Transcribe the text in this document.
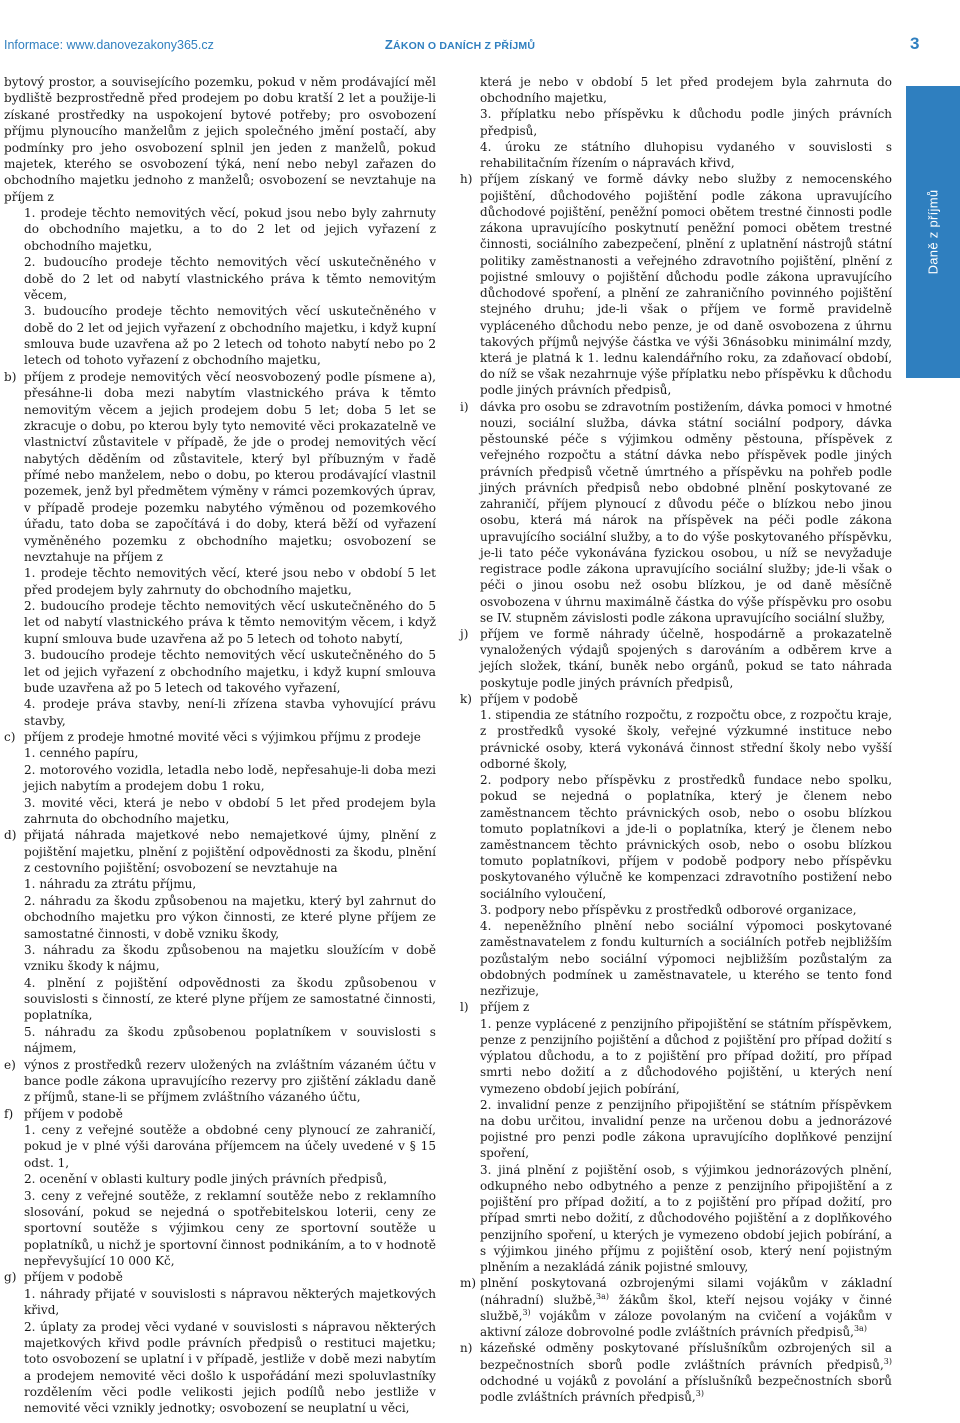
Informace: www.danovezakony365.cz	ZÁKON O DANÍCH Z PŘÍJMŮ	3
Daně z příjmů
bytový prostor, a souvisejícího pozemku, pokud v něm prodávající měl bydliště bezprostředně před prodejem po dobu kratší 2 let a použije-li získané prostředky na uspokojení bytové potřeby; pro osvobození příjmu plynoucího manželům z jejich společného jmění postačí, aby podmínky pro jeho osvobození splnil jen jeden z manželů, pokud majetek, kterého se osvobození týká, není nebo nebyl zařazen do obchodního majetku jednoho z manželů; osvobození se nevztahuje na příjem z
1. prodeje těchto nemovitých věcí, pokud jsou nebo byly zahrnuty do obchodního majetku, a to do 2 let od jejich vyřazení z obchodního majetku,
2. budoucího prodeje těchto nemovitých věcí uskutečněného v době do 2 let od nabytí vlastnického práva k těmto nemovitým věcem,
3. budoucího prodeje těchto nemovitých věcí uskutečněného v době do 2 let od jejich vyřazení z obchodního majetku, i když kupní smlouva bude uzavřena až po 2 letech od tohoto nabytí nebo po 2 letech od tohoto vyřazení z obchodního majetku,
b) příjem z prodeje nemovitých věcí neosvobozený podle písmene a), přesáhne-li doba mezi nabytím vlastnického práva k těmto nemovitým věcem a jejich prodejem dobu 5 let; doba 5 let se zkracuje o dobu, po kterou byly tyto nemovité věci prokazatelně ve vlastnictví zůstavitele v případě, že jde o prodej nemovitých věcí nabytých děděním od zůstavitele, který byl příbuzným v řadě přímé nebo manželem, nebo o dobu, po kterou prodávající vlastnil pozemek, jenž byl předmětem výměny v rámci pozemkových úprav, v případě prodeje pozemku nabytého výměnou od pozemkového úřadu, tato doba se započítává i do doby, která běží od vyřazení vyměněného pozemku z obchodního majetku; osvobození se nevztahuje na příjem z
1. prodeje těchto nemovitých věcí, které jsou nebo v období 5 let před prodejem byly zahrnuty do obchodního majetku,
2. budoucího prodeje těchto nemovitých věcí uskutečněného do 5 let od nabytí vlastnického práva k těmto nemovitým věcem, i když kupní smlouva bude uzavřena až po 5 letech od tohoto nabytí,
3. budoucího prodeje těchto nemovitých věcí uskutečněného do 5 let od jejich vyřazení z obchodního majetku, i když kupní smlouva bude uzavřena až po 5 letech od takového vyřazení,
4. prodeje práva stavby, není-li zřízena stavba vyhovující právu stavby,
c) příjem z prodeje hmotné movité věci s výjimkou příjmu z prodeje
1. cenného papíru,
2. motorového vozidla, letadla nebo lodě, nepřesahuje-li doba mezi jejich nabytím a prodejem dobu 1 roku,
3. movité věci, která je nebo v období 5 let před prodejem byla zahrnuta do obchodního majetku,
d) přijatá náhrada majetkové nebo nemajetkové újmy, plnění z pojištění majetku, plnění z pojištění odpovědnosti za škodu, plnění z cestovního pojištění; osvobození se nevztahuje na
1. náhradu za ztrátu příjmu,
2. náhradu za škodu způsobenou na majetku, který byl zahrnut do obchodního majetku pro výkon činnosti, ze které plyne příjem ze samostatné činnosti, v době vzniku škody,
3. náhradu za škodu způsobenou na majetku sloužícím v době vzniku škody k nájmu,
4. plnění z pojištění odpovědnosti za škodu způsobenou v souvislosti s činností, ze které plyne příjem ze samostatné činnosti, poplatníka,
5. náhradu za škodu způsobenou poplatníkem v souvislosti s nájmem,
e) výnos z prostředků rezerv uložených na zvláštním vázaném účtu v bance podle zákona upravujícího rezervy pro zjištění základu daně z příjmů, stane-li se příjmem zvláštního vázaného účtu,
f) příjem v podobě
1. ceny z veřejné soutěže a obdobné ceny plynoucí ze zahraničí, pokud je v plné výši darována příjemcem na účely uvedené v § 15 odst. 1,
2. ocenění v oblasti kultury podle jiných právních předpisů,
3. ceny z veřejné soutěže, z reklamní soutěže nebo z reklamního slosování, pokud se nejedná o spotřebitelskou loterii, ceny ze sportovní soutěže s výjimkou ceny ze sportovní soutěže u poplatníků, u nichž je sportovní činnost podnikáním, a to v hodnotě nepřevyšující 10 000 Kč,
g) příjem v podobě
1. náhrady přijaté v souvislosti s nápravou některých majetkových křivd,
2. úplaty za prodej věci vydané v souvislosti s nápravou některých majetkových křivd podle právních předpisů o restituci majetku; toto osvobození se uplatní i v případě, jestliže v době mezi nabytím a prodejem nemovité věci došlo k uspořádání mezi spoluvlastníky rozdělením věci podle velikosti jejich podílů nebo jestliže v nemovité věci vznikly jednotky; osvobození se neuplatní u věci,
která je nebo v období 5 let před prodejem byla zahrnuta do obchodního majetku,
3. příplatku nebo příspěvku k důchodu podle jiných právních předpisů,
4. úroku ze státního dluhopisu vydaného v souvislosti s rehabilitačním řízením o nápravách křivd,
h) příjem získaný ve formě dávky nebo služby z nemocenského pojištění, důchodového pojištění podle zákona upravujícího důchodové pojištění, peněžní pomoci obětem trestné činnosti podle zákona upravujícího poskytnutí peněžní pomoci obětem trestné činnosti, sociálního zabezpečení, plnění z uplatnění nástrojů státní politiky zaměstnanosti a veřejného zdravotního pojištění, plnění z pojistné smlouvy o pojištění důchodu podle zákona upravujícího důchodové spoření, a plnění ze zahraničního povinného pojištění stejného druhu; jde-li však o příjem ve formě pravidelně vypláceného důchodu nebo penze, je od daně osvobozena z úhrnu takových příjmů nejvýše částka ve výši 36násobku minimální mzdy, která je platná k 1. lednu kalendářního roku, za zdaňovací období, do níž se však nezahrnuje výše příplatku nebo příspěvku k důchodu podle jiných právních předpisů,
i) dávka pro osobu se zdravotním postižením, dávka pomoci v hmotné nouzi, sociální služba, dávka státní sociální podpory, dávka pěstounské péče s výjimkou odměny pěstouna, příspěvek z veřejného rozpočtu a státní dávka nebo příspěvek podle jiných právních předpisů včetně úmrtného a příspěvku na pohřeb podle jiných právních předpisů nebo obdobné plnění poskytované ze zahraničí, příjem plynoucí z důvodu péče o blízkou nebo jinou osobu, která má nárok na příspěvek na péči podle zákona upravujícího sociální služby, a to do výše poskytovaného příspěvku, je-li tato péče vykonávána fyzickou osobou, u níž se nevyžaduje registrace podle zákona upravujícího sociální služby; jde-li však o péči o jinou osobu než osobu blízkou, je od daně měsíčně osvobozena v úhrnu maximálně částka do výše příspěvku pro osobu se IV. stupněm závislosti podle zákona upravujícího sociální služby,
j) příjem ve formě náhrady účelně, hospodárně a prokazatelně vynaložených výdajů spojených s darováním a odběrem krve a jejích složek, tkání, buněk nebo orgánů, pokud se tato náhrada poskytuje podle jiných právních předpisů,
k) příjem v podobě
1. stipendia ze státního rozpočtu, z rozpočtu obce, z rozpočtu kraje, z prostředků vysoké školy, veřejné výzkumné instituce nebo právnické osoby, která vykonává činnost střední školy nebo vyšší odborné školy,
2. podpory nebo příspěvku z prostředků fundace nebo spolku, pokud se nejedná o poplatníka, který je členem nebo zaměstnancem těchto právnických osob, nebo o osobu blízkou tomuto poplatníkovi a jde-li o poplatníka, který je členem nebo zaměstnancem těchto právnických osob, nebo o osobu blízkou tomuto poplatníkovi, příjem v podobě podpory nebo příspěvku poskytovaného výlučně ke kompenzaci zdravotního postižení nebo sociálního vyloučení,
3. podpory nebo příspěvku z prostředků odborové organizace,
4. nepeněžního plnění nebo sociální výpomoci poskytované zaměstnavatelem z fondu kulturních a sociálních potřeb nejbližším pozůstalým nebo sociální výpomoci nejbližším pozůstalým za obdobných podmínek u zaměstnavatele, u kterého se tento fond nezřizuje,
l) příjem z
1. penze vyplácené z penzijního připojištění se státním příspěvkem, penze z penzijního pojištění a důchod z pojištění pro případ dožití s výplatou důchodu, a to z pojištění pro případ dožití, pro případ smrti nebo dožití a z důchodového pojištění, u kterých není vymezeno období jejich pobírání,
2. invalidní penze z penzijního připojištění se státním příspěvkem na dobu určitou, invalidní penze na určenou dobu a jednorázové pojistné pro penzi podle zákona upravujícího doplňkové penzijní spoření,
3. jiná plnění z pojištění osob, s výjimkou jednorázových plnění, odkupného nebo odbytného a penze z penzijního připojištění a z pojištění pro případ dožití, a to z pojištění pro případ dožití, pro případ smrti nebo dožití, z důchodového pojištění a z doplňkového penzijního spoření, u kterých je vymezeno období jejich pobírání, a s výjimkou jiného příjmu z pojištění osob, který není pojistným plněním a nezakládá zánik pojistné smlouvy,
m) plnění poskytovaná ozbrojenými silami vojákům v základní (náhradní) službě,$^{3a)}$ žákům škol, kteří nejsou vojáky v činné službě,$^{3)}$ vojákům v záloze povolaným na cvičení a vojákům v aktivní záloze dobrovolné podle zvláštních právních předpisů,$^{3a)}$
n) kázeňské odměny poskytované příslušníkům ozbrojených sil a bezpečnostních sborů podle zvláštních právních předpisů,$^{3)}$ odchodné u vojáků z povolání a příslušníků bezpečnostních sborů podle zvláštních právních předpisů,$^{3)}$
